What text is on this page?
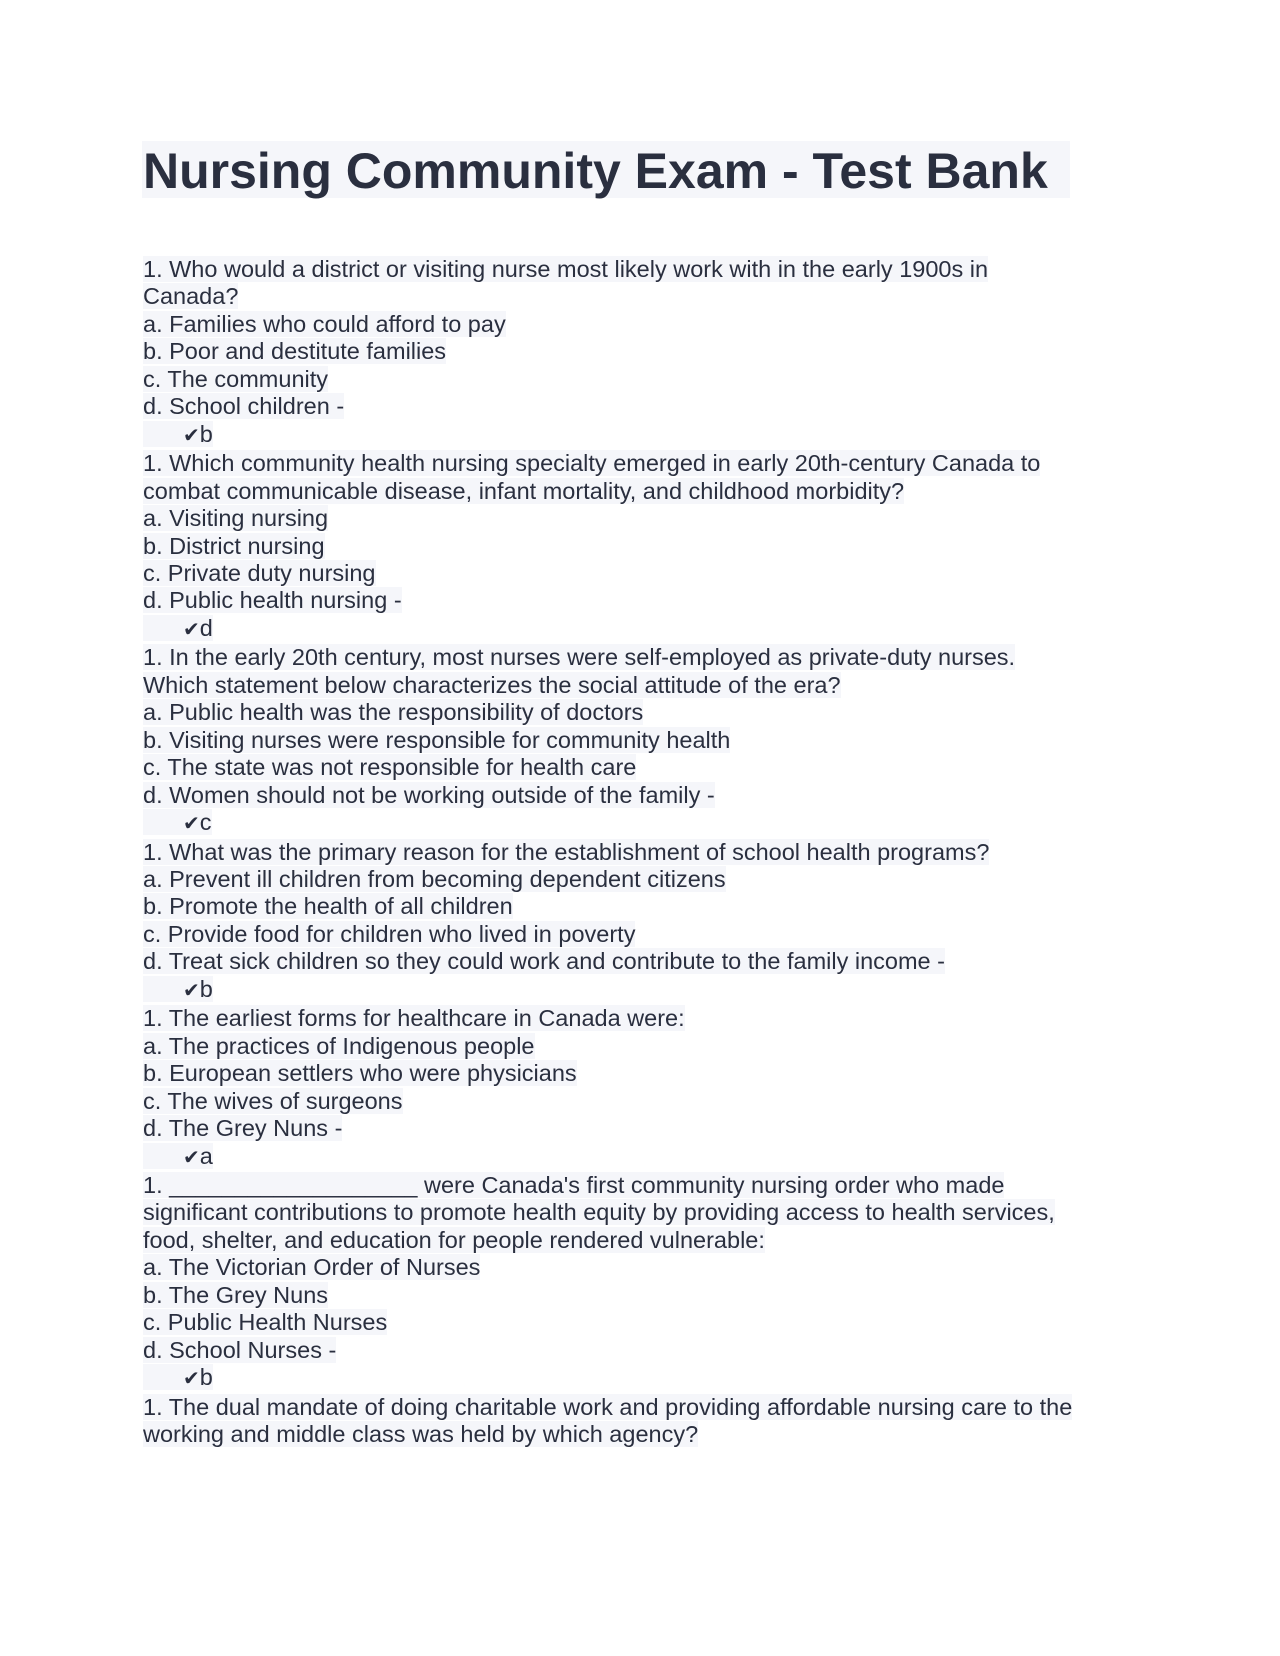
Nursing Community Exam - Test Bank
1. Who would a district or visiting nurse most likely work with in the early 1900s in Canada?
a. Families who could afford to pay
b. Poor and destitute families
c. The community
d. School children -
✔b
1. Which community health nursing specialty emerged in early 20th-century Canada to combat communicable disease, infant mortality, and childhood morbidity?
a. Visiting nursing
b. District nursing
c. Private duty nursing
d. Public health nursing -
✔d
1. In the early 20th century, most nurses were self-employed as private-duty nurses. Which statement below characterizes the social attitude of the era?
a. Public health was the responsibility of doctors
b. Visiting nurses were responsible for community health
c. The state was not responsible for health care
d. Women should not be working outside of the family -
✔c
1. What was the primary reason for the establishment of school health programs?
a. Prevent ill children from becoming dependent citizens
b. Promote the health of all children
c. Provide food for children who lived in poverty
d. Treat sick children so they could work and contribute to the family income -
✔b
1. The earliest forms for healthcare in Canada were:
a. The practices of Indigenous people
b. European settlers who were physicians
c. The wives of surgeons
d. The Grey Nuns -
✔a
1. ___________________ were Canada's first community nursing order who made significant contributions to promote health equity by providing access to health services, food, shelter, and education for people rendered vulnerable:
a. The Victorian Order of Nurses
b. The Grey Nuns
c. Public Health Nurses
d. School Nurses -
✔b
1. The dual mandate of doing charitable work and providing affordable nursing care to the working and middle class was held by which agency?
